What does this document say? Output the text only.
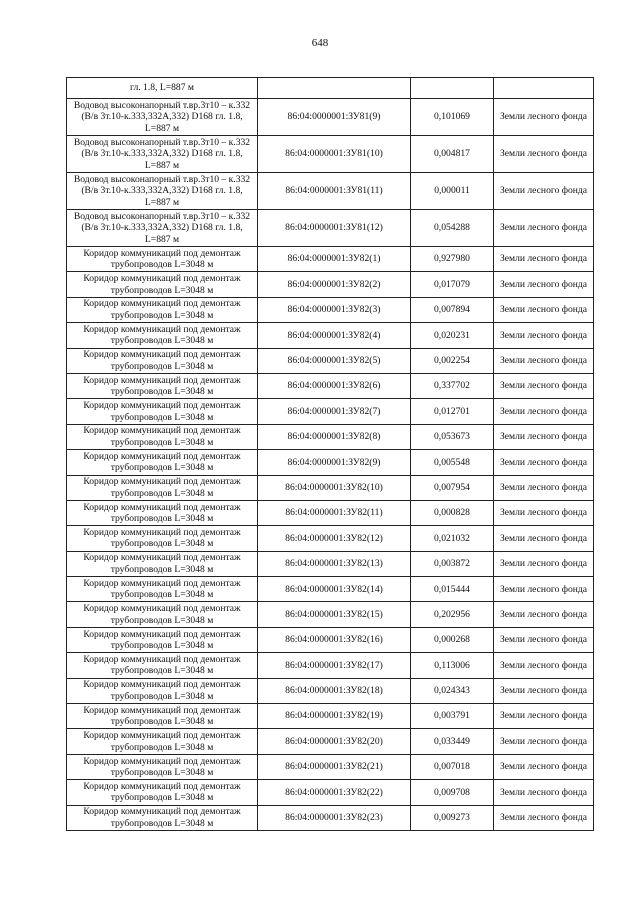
648
гл. 1.8, L=887 м			
Водовод высоконапорный т.вр.3т10 – к.332 (В/в 3т.10-к.333,332А,332) D168 гл. 1.8, L=887 м	86:04:0000001:ЗУ81(9)	0,101069	Земли лесного фонда
Водовод высоконапорный т.вр.3т10 – к.332 (В/в 3т.10-к.333,332А,332) D168 гл. 1.8, L=887 м	86:04:0000001:ЗУ81(10)	0,004817	Земли лесного фонда
Водовод высоконапорный т.вр.3т10 – к.332 (В/в 3т.10-к.333,332А,332) D168 гл. 1.8, L=887 м	86:04:0000001:ЗУ81(11)	0,000011	Земли лесного фонда
Водовод высоконапорный т.вр.3т10 – к.332 (В/в 3т.10-к.333,332А,332) D168 гл. 1.8, L=887 м	86:04:0000001:ЗУ81(12)	0,054288	Земли лесного фонда
Коридор коммуникаций под демонтаж трубопроводов L=3048 м	86:04:0000001:ЗУ82(1)	0,927980	Земли лесного фонда
Коридор коммуникаций под демонтаж трубопроводов L=3048 м	86:04:0000001:ЗУ82(2)	0,017079	Земли лесного фонда
Коридор коммуникаций под демонтаж трубопроводов L=3048 м	86:04:0000001:ЗУ82(3)	0,007894	Земли лесного фонда
Коридор коммуникаций под демонтаж трубопроводов L=3048 м	86:04:0000001:ЗУ82(4)	0,020231	Земли лесного фонда
Коридор коммуникаций под демонтаж трубопроводов L=3048 м	86:04:0000001:ЗУ82(5)	0,002254	Земли лесного фонда
Коридор коммуникаций под демонтаж трубопроводов L=3048 м	86:04:0000001:ЗУ82(6)	0,337702	Земли лесного фонда
Коридор коммуникаций под демонтаж трубопроводов L=3048 м	86:04:0000001:ЗУ82(7)	0,012701	Земли лесного фонда
Коридор коммуникаций под демонтаж трубопроводов L=3048 м	86:04:0000001:ЗУ82(8)	0,053673	Земли лесного фонда
Коридор коммуникаций под демонтаж трубопроводов L=3048 м	86:04:0000001:ЗУ82(9)	0,005548	Земли лесного фонда
Коридор коммуникаций под демонтаж трубопроводов L=3048 м	86:04:0000001:ЗУ82(10)	0,007954	Земли лесного фонда
Коридор коммуникаций под демонтаж трубопроводов L=3048 м	86:04:0000001:ЗУ82(11)	0,000828	Земли лесного фонда
Коридор коммуникаций под демонтаж трубопроводов L=3048 м	86:04:0000001:ЗУ82(12)	0,021032	Земли лесного фонда
Коридор коммуникаций под демонтаж трубопроводов L=3048 м	86:04:0000001:ЗУ82(13)	0,003872	Земли лесного фонда
Коридор коммуникаций под демонтаж трубопроводов L=3048 м	86:04:0000001:ЗУ82(14)	0,015444	Земли лесного фонда
Коридор коммуникаций под демонтаж трубопроводов L=3048 м	86:04:0000001:ЗУ82(15)	0,202956	Земли лесного фонда
Коридор коммуникаций под демонтаж трубопроводов L=3048 м	86:04:0000001:ЗУ82(16)	0,000268	Земли лесного фонда
Коридор коммуникаций под демонтаж трубопроводов L=3048 м	86:04:0000001:ЗУ82(17)	0,113006	Земли лесного фонда
Коридор коммуникаций под демонтаж трубопроводов L=3048 м	86:04:0000001:ЗУ82(18)	0,024343	Земли лесного фонда
Коридор коммуникаций под демонтаж трубопроводов L=3048 м	86:04:0000001:ЗУ82(19)	0,003791	Земли лесного фонда
Коридор коммуникаций под демонтаж трубопроводов L=3048 м	86:04:0000001:ЗУ82(20)	0,033449	Земли лесного фонда
Коридор коммуникаций под демонтаж трубопроводов L=3048 м	86:04:0000001:ЗУ82(21)	0,007018	Земли лесного фонда
Коридор коммуникаций под демонтаж трубопроводов L=3048 м	86:04:0000001:ЗУ82(22)	0,009708	Земли лесного фонда
Коридор коммуникаций под демонтаж трубопроводов L=3048 м	86:04:0000001:ЗУ82(23)	0,009273	Земли лесного фонда
